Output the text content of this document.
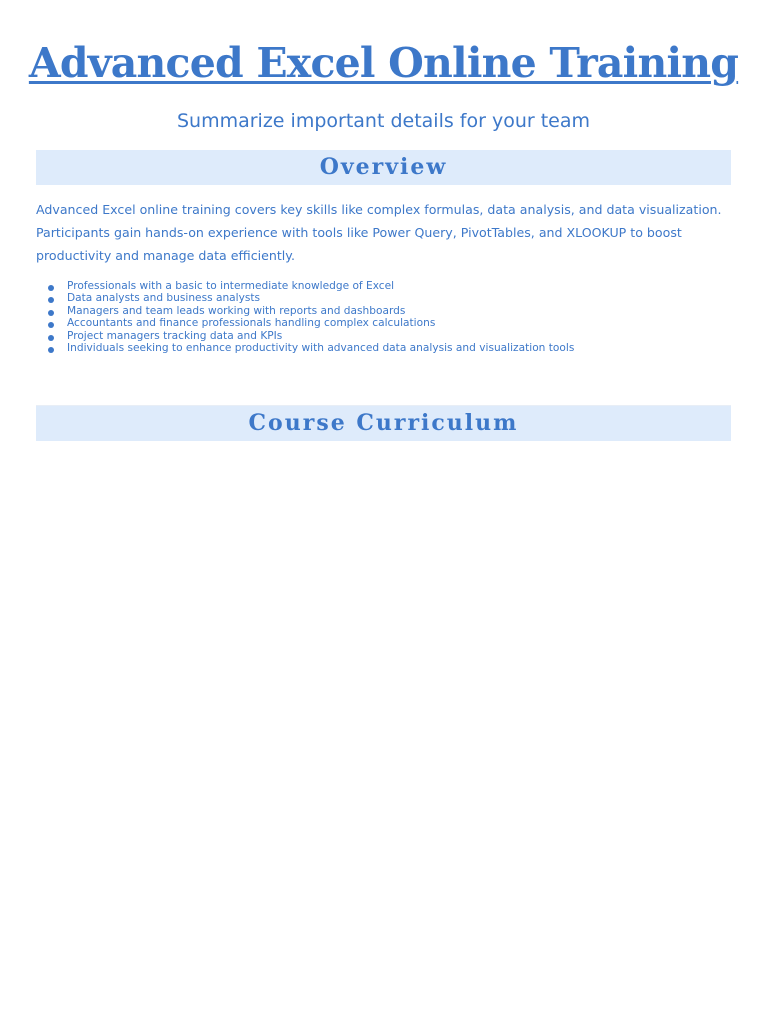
Advanced Excel Online Training
Summarize important details for your team
Overview

Advanced Excel online training covers key skills like complex formulas, data analysis, and data visualization. Participants gain hands-on experience with tools like Power Query, PivotTables, and XLOOKUP to boost productivity and manage data efficiently.

Professionals with a basic to intermediate knowledge of Excel
Data analysts and business analysts
Managers and team leads working with reports and dashboards
Accountants and finance professionals handling complex calculations
Project managers tracking data and KPIs
Individuals seeking to enhance productivity with advanced data analysis and visualization tools
Course Curriculum
